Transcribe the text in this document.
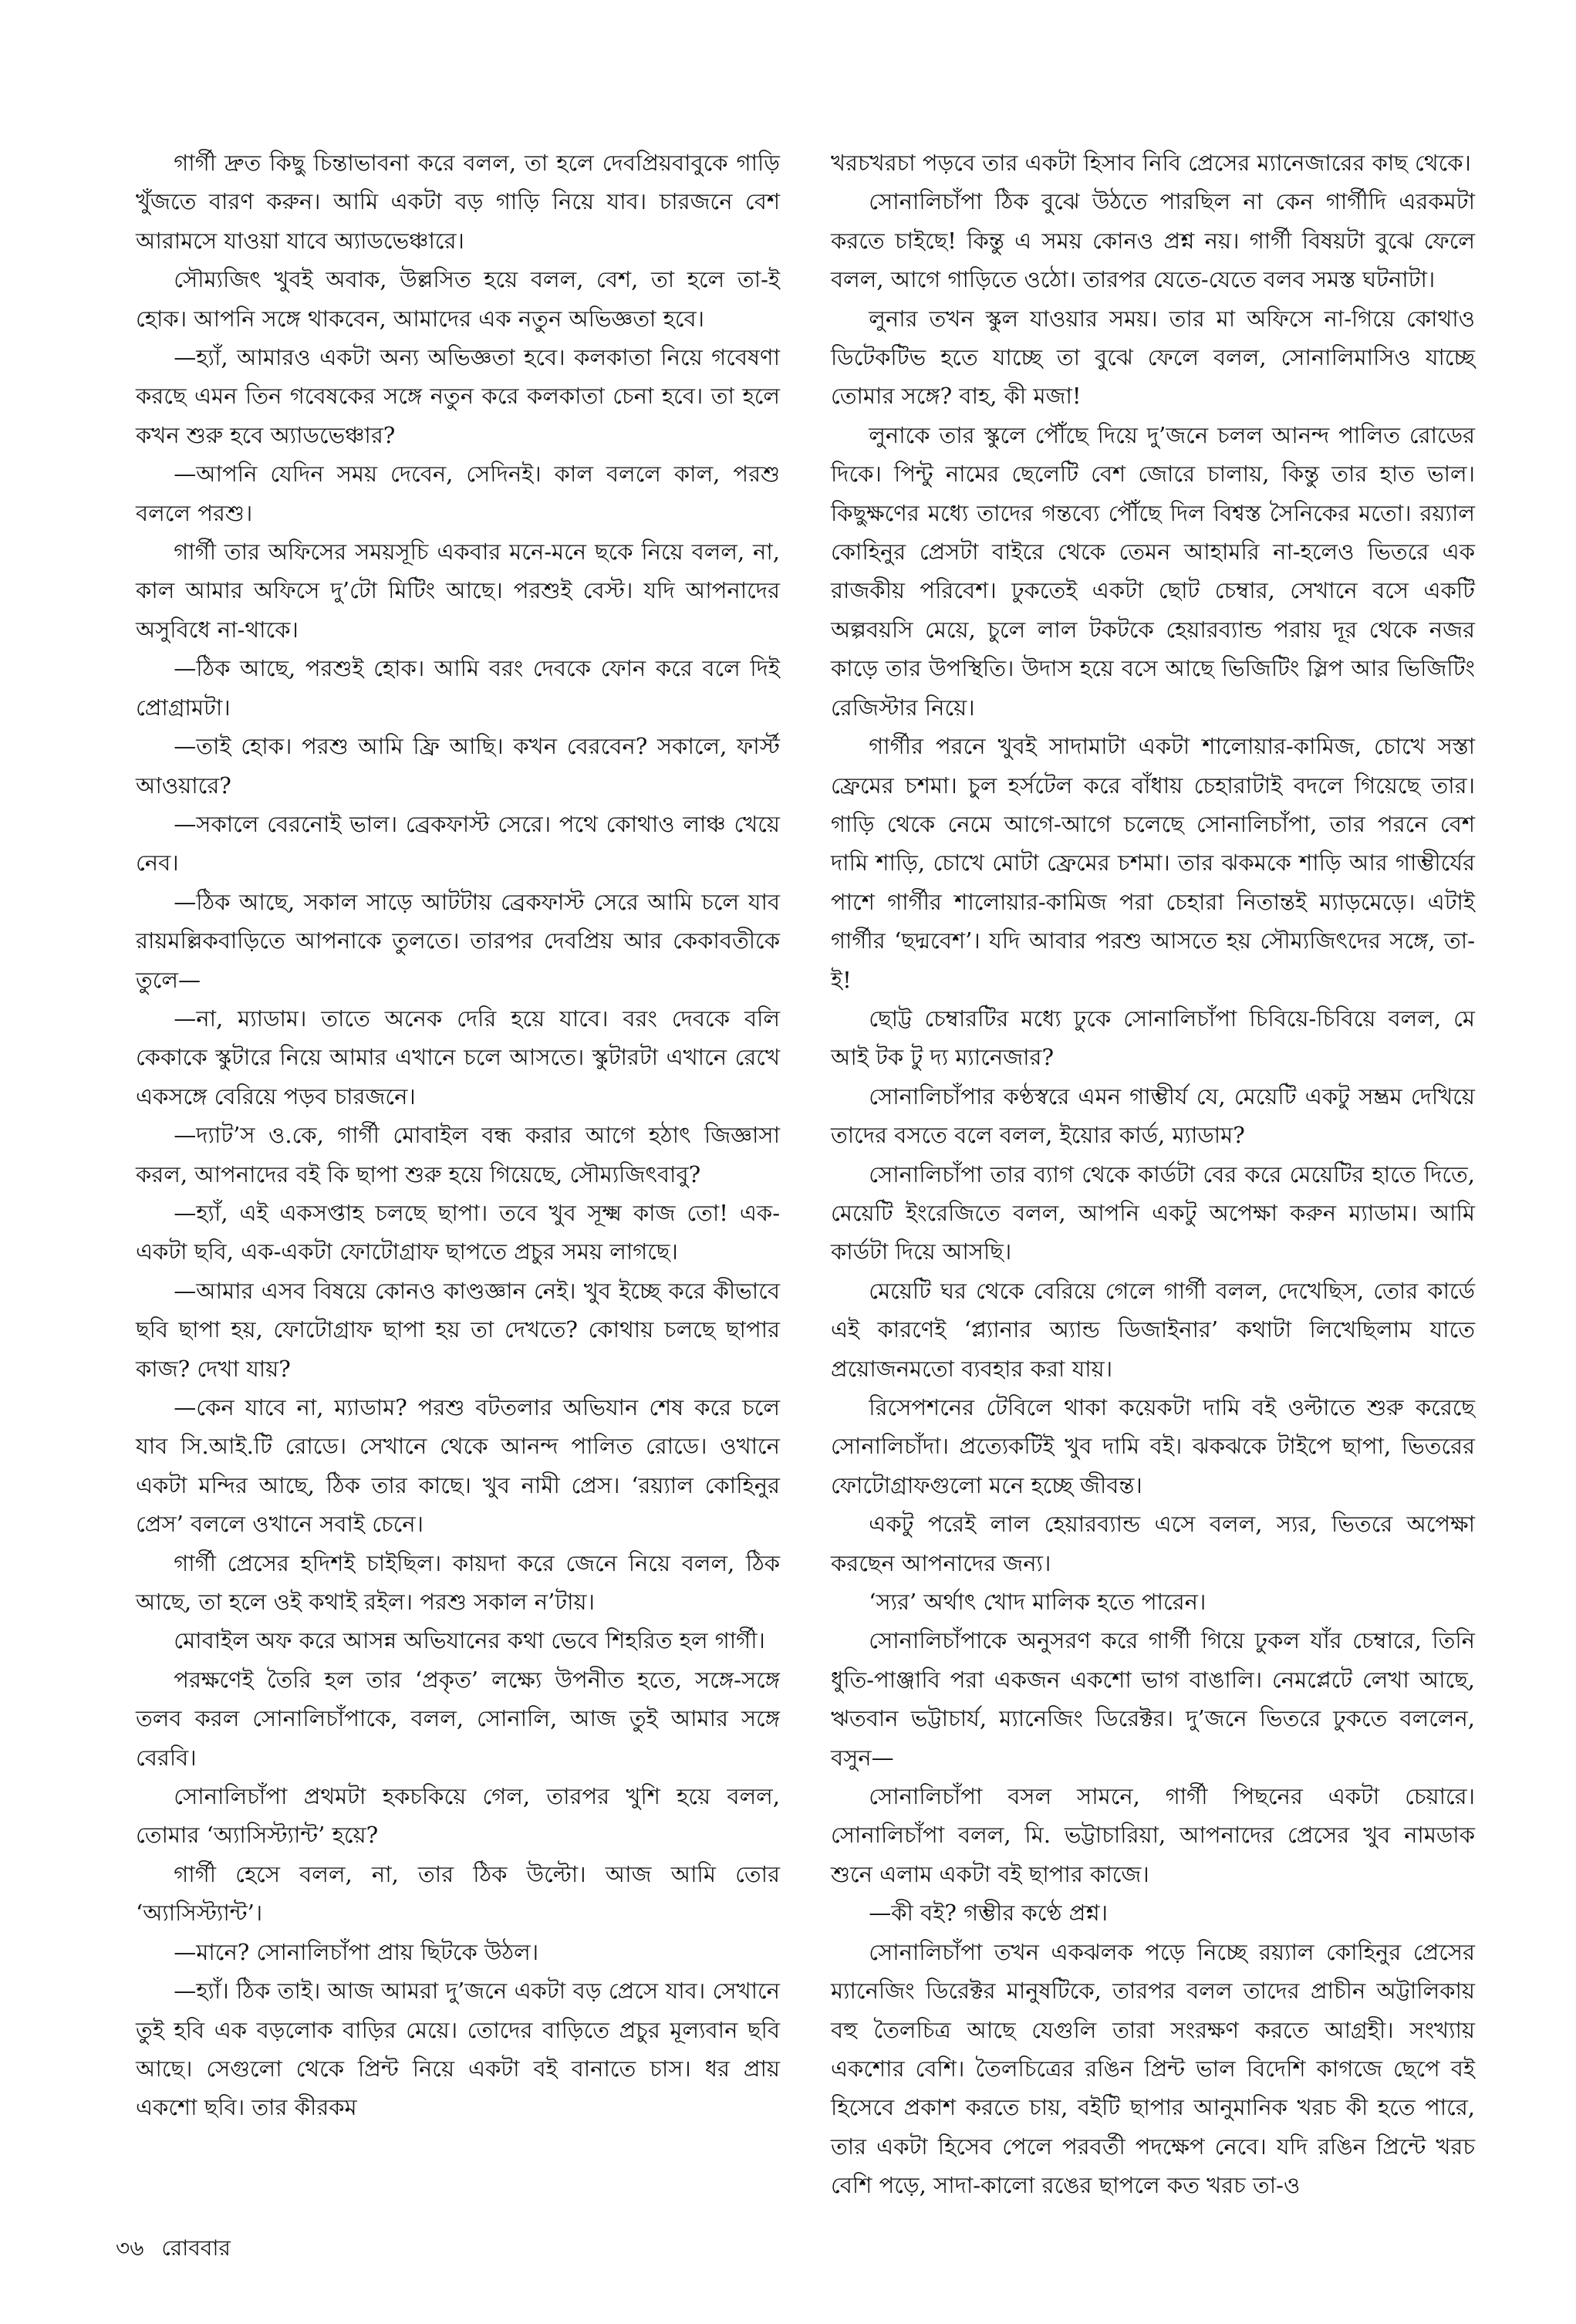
গার্গী দ্রুত কিছু চিন্তাভাবনা করে বলল, তা হলে দেবপ্রিয়বাবুকে গাড়ি খুঁজতে বারণ করুন। আমি একটা বড় গাড়ি নিয়ে যাব। চারজনে বেশ আরামসে যাওয়া যাবে অ্যাডভেঞ্চারে।

সৌম্যজিৎ খুবই অবাক, উল্লসিত হয়ে বলল, বেশ, তা হলে তা-ই হোক। আপনি সঙ্গে থাকবেন, আমাদের এক নতুন অভিজ্ঞতা হবে।

—হ্যাঁ, আমারও একটা অন্য অভিজ্ঞতা হবে। কলকাতা নিয়ে গবেষণা করছে এমন তিন গবেষকের সঙ্গে নতুন করে কলকাতা চেনা হবে। তা হলে কখন শুরু হবে অ্যাডভেঞ্চার?

—আপনি যেদিন সময় দেবেন, সেদিনই। কাল বললে কাল, পরশু বললে পরশু।

গার্গী তার অফিসের সময়সূচি একবার মনে-মনে ছকে নিয়ে বলল, না, কাল আমার অফিসে দু’টো মিটিং আছে। পরশুই বেস্ট। যদি আপনাদের অসুবিধে না-থাকে।

—ঠিক আছে, পরশুই হোক। আমি বরং দেবকে ফোন করে বলে দিই প্রোগ্রামটা।

—তাই হোক। পরশু আমি ফ্রি আছি। কখন বেরবেন? সকালে, ফার্স্ট আওয়ারে?

—সকালে বেরনোই ভাল। ব্রেকফাস্ট সেরে। পথে কোথাও লাঞ্চ খেয়ে নেব।

—ঠিক আছে, সকাল সাড়ে আটটায় ব্রেকফাস্ট সেরে আমি চলে যাব রায়মল্লিকবাড়িতে আপনাকে তুলতে। তারপর দেবপ্রিয় আর কেকাবতীকে তুলে—

—না, ম্যাডাম। তাতে অনেক দেরি হয়ে যাবে। বরং দেবকে বলি কেকাকে স্কুটারে নিয়ে আমার এখানে চলে আসতে। স্কুটারটা এখানে রেখে একসঙ্গে বেরিয়ে পড়ব চারজনে।

—দ্যাট’স ও.কে, গার্গী মোবাইল বন্ধ করার আগে হঠাৎ জিজ্ঞাসা করল, আপনাদের বই কি ছাপা শুরু হয়ে গিয়েছে, সৌম্যজিৎবাবু?

—হ্যাঁ, এই একসপ্তাহ চলছে ছাপা। তবে খুব সূক্ষ্ম কাজ তো! এক-একটা ছবি, এক-একটা ফোটোগ্রাফ ছাপতে প্রচুর সময় লাগছে।

—আমার এসব বিষয়ে কোনও কাণ্ডজ্ঞান নেই। খুব ইচ্ছে করে কীভাবে ছবি ছাপা হয়, ফোটোগ্রাফ ছাপা হয় তা দেখতে? কোথায় চলছে ছাপার কাজ? দেখা যায়?

—কেন যাবে না, ম্যাডাম? পরশু বটতলার অভিযান শেষ করে চলে যাব সি.আই.টি রোডে। সেখানে থেকে আনন্দ পালিত রোডে। ওখানে একটা মন্দির আছে, ঠিক তার কাছে। খুব নামী প্রেস। ‘রয়্যাল কোহিনুর প্রেস’ বললে ওখানে সবাই চেনে।

গার্গী প্রেসের হদিশই চাইছিল। কায়দা করে জেনে নিয়ে বলল, ঠিক আছে, তা হলে ওই কথাই রইল। পরশু সকাল ন’টায়।

মোবাইল অফ করে আসন্ন অভিযানের কথা ভেবে শিহরিত হল গার্গী।

পরক্ষণেই তৈরি হল তার ‘প্রকৃত’ লক্ষ্যে উপনীত হতে, সঙ্গে-সঙ্গে তলব করল সোনালিচাঁপাকে, বলল, সোনালি, আজ তুই আমার সঙ্গে বেরবি।

সোনালিচাঁপা প্রথমটা হকচকিয়ে গেল, তারপর খুশি হয়ে বলল, তোমার ‘অ্যাসিস্ট্যান্ট’ হয়ে?

গার্গী হেসে বলল, না, তার ঠিক উল্টো। আজ আমি তোর ‘অ্যাসিস্ট্যান্ট’।

—মানে? সোনালিচাঁপা প্রায় ছিটকে উঠল।

—হ্যাঁ। ঠিক তাই। আজ আমরা দু’জনে একটা বড় প্রেসে যাব। সেখানে তুই হবি এক বড়লোক বাড়ির মেয়ে। তোদের বাড়িতে প্রচুর মূল্যবান ছবি আছে। সেগুলো থেকে প্রিন্ট নিয়ে একটা বই বানাতে চাস। ধর প্রায় একশো ছবি। তার কীরকম

খরচখরচা পড়বে তার একটা হিসাব নিবি প্রেসের ম্যানেজারের কাছ থেকে।

সোনালিচাঁপা ঠিক বুঝে উঠতে পারছিল না কেন গার্গীদি এরকমটা করতে চাইছে! কিন্তু এ সময় কোনও প্রশ্ন নয়। গার্গী বিষয়টা বুঝে ফেলে বলল, আগে গাড়িতে ওঠো। তারপর যেতে-যেতে বলব সমস্ত ঘটনাটা।

লুনার তখন স্কুল যাওয়ার সময়। তার মা অফিসে না-গিয়ে কোথাও ডিটেকটিভ হতে যাচ্ছে তা বুঝে ফেলে বলল, সোনালিমাসিও যাচ্ছে তোমার সঙ্গে? বাহ, কী মজা!

লুনাকে তার স্কুলে পৌঁছে দিয়ে দু’জনে চলল আনন্দ পালিত রোডের দিকে। পিন্টু নামের ছেলেটি বেশ জোরে চালায়, কিন্তু তার হাত ভাল। কিছুক্ষণের মধ্যে তাদের গন্তব্যে পৌঁছে দিল বিশ্বস্ত সৈনিকের মতো। রয়্যাল কোহিনুর প্রেসটা বাইরে থেকে তেমন আহামরি না-হলেও ভিতরে এক রাজকীয় পরিবেশ। ঢুকতেই একটা ছোট চেম্বার, সেখানে বসে একটি অল্পবয়সি মেয়ে, চুলে লাল টকটকে হেয়ারব্যান্ড পরায় দূর থেকে নজর কাড়ে তার উপস্থিতি। উদাস হয়ে বসে আছে ভিজিটিং স্লিপ আর ভিজিটিং রেজিস্টার নিয়ে।

গার্গীর পরনে খুবই সাদামাটা একটা শালোয়ার-কামিজ, চোখে সস্তা ফ্রেমের চশমা। চুল হর্সটেল করে বাঁধায় চেহারাটাই বদলে গিয়েছে তার। গাড়ি থেকে নেমে আগে-আগে চলেছে সোনালিচাঁপা, তার পরনে বেশ দামি শাড়ি, চোখে মোটা ফ্রেমের চশমা। তার ঝকমকে শাড়ি আর গাম্ভীর্যের পাশে গার্গীর শালোয়ার-কামিজ পরা চেহারা নিতান্তই ম্যাড়মেড়ে। এটাই গার্গীর ‘ছদ্মবেশ’। যদি আবার পরশু আসতে হয় সৌম্যজিৎদের সঙ্গে, তা-ই!

ছোট্ট চেম্বারটির মধ্যে ঢুকে সোনালিচাঁপা চিবিয়ে-চিবিয়ে বলল, মে আই টক টু দ্য ম্যানেজার?

সোনালিচাঁপার কণ্ঠস্বরে এমন গাম্ভীর্য যে, মেয়েটি একটু সম্ভ্রম দেখিয়ে তাদের বসতে বলে বলল, ইয়োর কার্ড, ম্যাডাম?

সোনালিচাঁপা তার ব্যাগ থেকে কার্ডটা বের করে মেয়েটির হাতে দিতে, মেয়েটি ইংরেজিতে বলল, আপনি একটু অপেক্ষা করুন ম্যাডাম। আমি কার্ডটা দিয়ে আসছি।

মেয়েটি ঘর থেকে বেরিয়ে গেলে গার্গী বলল, দেখেছিস, তোর কার্ডে এই কারণেই ‘প্ল্যানার অ্যান্ড ডিজাইনার’ কথাটা লিখেছিলাম যাতে প্রয়োজনমতো ব্যবহার করা যায়।

রিসেপশনের টেবিলে থাকা কয়েকটা দামি বই ওল্টাতে শুরু করেছে সোনালিচাঁদা। প্রত্যেকটিই খুব দামি বই। ঝকঝকে টাইপে ছাপা, ভিতরের ফোটোগ্রাফগুলো মনে হচ্ছে জীবন্ত।

একটু পরেই লাল হেয়ারব্যান্ড এসে বলল, স্যর, ভিতরে অপেক্ষা করছেন আপনাদের জন্য।

‘স্যর’ অর্থাৎ খোদ মালিক হতে পারেন।

সোনালিচাঁপাকে অনুসরণ করে গার্গী গিয়ে ঢুকল যাঁর চেম্বারে, তিনি ধুতি-পাঞ্জাবি পরা একজন একশো ভাগ বাঙালি। নেমপ্লেটে লেখা আছে, ঋতবান ভট্টাচার্য, ম্যানেজিং ডিরেক্টর। দু’জনে ভিতরে ঢুকতে বললেন, বসুন—

সোনালিচাঁপা বসল সামনে, গার্গী পিছনের একটা চেয়ারে। সোনালিচাঁপা বলল, মি. ভট্টাচারিয়া, আপনাদের প্রেসের খুব নামডাক শুনে এলাম একটা বই ছাপার কাজে।

—কী বই? গম্ভীর কণ্ঠে প্রশ্ন।

সোনালিচাঁপা তখন একঝলক পড়ে নিচ্ছে রয়্যাল কোহিনুর প্রেসের ম্যানেজিং ডিরেক্টর মানুষটিকে, তারপর বলল তাদের প্রাচীন অট্টালিকায় বহু তৈলচিত্র আছে যেগুলি তারা সংরক্ষণ করতে আগ্রহী। সংখ্যায় একশোর বেশি। তৈলচিত্রের রঙিন প্রিন্ট ভাল বিদেশি কাগজে ছেপে বই হিসেবে প্রকাশ করতে চায়, বইটি ছাপার আনুমানিক খরচ কী হতে পারে, তার একটা হিসেব পেলে পরবর্তী পদক্ষেপ নেবে। যদি রঙিন প্রিন্টে খরচ বেশি পড়ে, সাদা-কালো রঙের ছাপলে কত খরচ তা-ও

৩৬ রোববার
